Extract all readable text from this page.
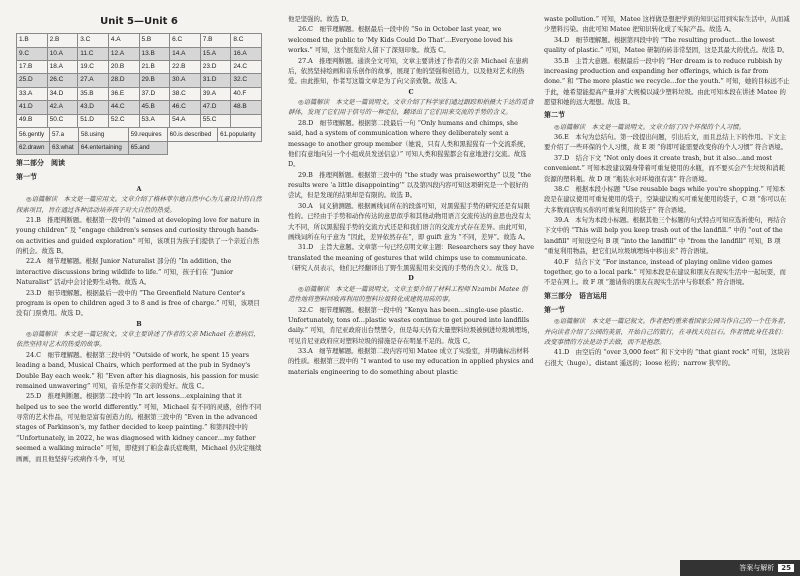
Unit 5—Unit 6
1.B	2.B	3.C	4.A	5.B	6.C	7.B	8.C
9.C	10.A	11.C	12.A	13.B	14.A	15.A	16.A
17.B	18.A	19.C	20.B	21.B	22.B	23.D	24.C
25.D	26.C	27.A	28.D	29.B	30.A	31.D	32.C
33.A	34.D	35.B	36.E	37.D	38.C	39.A	40.F
41.D	42.A	43.D	44.C	45.B	46.C	47.D	48.B
49.B	50.C	51.D	52.C	53.A	54.A	55.C	
56.gently	57.a	58.using	59.requires	60.is described	61.popularity
62.drawn	63.what	64.entertaining	65.and		
第二部分　阅读
第一节
A

◎语篇解读　本文是一篇应用文。文章介绍了格林菲尔德自然中心为儿童设计的自然探索项目，旨在通过各种活动培养孩子对大自然的热爱。

21.B　推理判断题。根据第一段中的 “aimed at developing love for nature in young children” 及 “engage children's senses and curiosity through hands-on activities and guided exploration” 可知，该项目为孩子们提供了一个亲近自然的机会。故选 B。

22.A　细节理解题。根据 Junior Naturalist 部分的 “In addition, the interactive discussions bring wildlife to life.” 可知，孩子们在 “Junior Naturalist” 活动中会讨论野生动物。故选 A。

23.D　细节理解题。根据最后一段中的 “The Greenfield Nature Center's program is open to children aged 3 to 8 and is free of charge.” 可知，该项目没有门票费用。故选 D。

B

◎语篇解读　本文是一篇记叙文。文章主要讲述了作者的父亲 Michael 在患病后，依然坚持对艺术的热爱的故事。

24.C　细节理解题。根据第三段中的 “Outside of work, he spent 15 years leading a band, Musical Chairs, which performed at the pub in Sydney's Double Bay each week.” 和 “Even after his diagnosis, his passion for music remained unwavering” 可知，音乐是作者父亲的爱好。故选 C。

25.D　推理判断题。根据第二段中的 “In art lessons…explaining that it helped us to see the world differently.” 可知，Michael 有不同的灵感，创作不同寻常的艺术作品，可见他是富有创造力的。根据第三段中的 “Even in the advanced stages of Parkinson's, my father decided to keep painting.” 和第四段中的 “Unfortunately, in 2022, he was diagnosed with kidney cancer…my father seemed a walking miracle” 可知，即使到了帕金森氏症晚期，Michael 仍决定继续画画，而且他坚持与疾病作斗争，可见

他是坚强的。故选 D。

26.C　细节理解题。根据最后一段中的 “So in October last year, we welcomed the public to ‘My Kids Could Do That’…Everyone loved his works.” 可知，这个展览给人留下了深刻印象。故选 C。

27.A　推理判断题。通读全文可知，文章主要讲述了作者的父亲 Michael 在患病后，依然坚持绘画和音乐创作的故事，展现了他的坚强和创造力，以及他对艺术的热爱。由此推知，作者写这篇文章是为了向父亲致敬。故选 A。

C

◎语篇解读　本文是一篇说明文。文章介绍了科学家们通过跟踪和拍摄大千达的觅食群体，发现了它们用于信号的一种定位，翻译出了它们用来交流的手势的含义。

28.D　细节理解题。根据第二段最后一句 “Only humans and chimps, she said, had a system of communication where they deliberately sent a message to another group member（她说，只有人类和黑猩猩有一个交流系统，他们有意地向另一个小组成员发送信息）” 可知人类和猩猩都会有意地进行交流。故选 D。

29.B　推理判断题。根据第三段中的 “the study was praiseworthy” 以及 “the results were ‘a little disappointing’” 以及第四段内容可知这项研究是一个很好的尝试，但是发现的结果却是有限的。故选 B。

30.A　词义猜测题。根据画线词所在的段落可知，对黑猩猩手势的研究还是有局限性的。已经由于手势和动作传达的意思似乎和其他动物用语言交流传达的意思也没有太大不同，所以黑猩猩手势的交流方式还是和我们语言的交流方式存在差异。由此可知，画线词所在句子意为 “因此，差异依然存在”，即 guift 意为 “不同，差异”。故选 A。

31.D　主旨大意题。文章第一句已经点明文章主题：Researchers say they have translated the meaning of gestures that wild chimps use to communicate.（研究人员表示，他们已经翻译出了野生黑猩猩用来交流的手势的含义）。故选 D。

D

◎语篇解读　本文是一篇说明文。文章主要介绍了材料工程师 Nzambi Matee 创造性地将塑料回收再利用的塑料垃圾转化成建筑用砖的事。

32.C　细节理解题。根据第一段中的 “Kenya has been…single-use plastic. Unfortunately, tons of…plastic wastes continue to get poured into landfills daily.” 可知，肯尼亚政府出台禁塑令，但是每天仍有大量塑料垃圾被倒进垃圾填埋场，可见肯尼亚政府应对塑料垃圾的措施是存在明显不足的。故选 C。

33.A　细节理解题。根据第二段内容可知 Matee 成立了实验室，并明确标出材料的性质。根据第三段中的 “I wanted to use my education in applied physics and materials engineering to do something about plastic

waste pollution.” 可知，Matee 这样做是想把学到的知识运用到实际生活中，从而减少塑料污染。由此可知 Matee 把知识转化成了实际产品。故选 A。

34.D　细节理解题。根据第四段中的 “The resulting product…the lowest quality of plastic.” 可知，Matee 研制的砖非常坚固，这是其最大的优点。故选 D。

35.B　主旨大意题。根据最后一段中的 “Her dream is to reduce rubbish by increasing production and expanding her offerings, which is far from done.” 和 “The more plastic we recycle…for the youth.” 可知，她的目标远不止于此，她希望能提高产量并扩大规模以减少塑料垃圾。由此可知本段在讲述 Matee 的愿望和她的远大理想。故选 B。

第二节

◎语篇解读　本文是一篇说明文。文章介绍了四个环保的个人习惯。

36.E　本句为总结句。第一段提出问题，引出后文，而且总结上下的作用。下文主要介绍了一些环保的个人习惯，故 E 项 “你即可能需要改变你的个人习惯” 符合语境。

37.D　结合下文 “Not only does it create trash, but it also…and most convenient.” 可知本段建议隔身带着可重复使用的水瓶，而不要买会产生垃圾和消耗资源的塑料瓶。故 D 项 “瓶装水对环境很有害” 符合语境。

38.C　根据本段小标题 “Use reusable bags while you're shopping.” 可知本段是在建议使用可重复使用的袋子，空缺建议购买可重复使用的袋子，C 项 “你可以在大多数商店购买你的可重复利用的袋子” 符合语境。

39.A　本句为本段小标题。根据其他三个标题的句式特点可知应选祈使句，再结合下文中的 “This will help you keep trash out of the landfill.” 中的 “out of the landfill” 可知设空句 B 项 “into the landfill” 中 “from the landfill” 可知，B 项 “重复利用物品，把它们从垃圾填埋场中移出来” 符合语境。

40.F　结合下文 “For instance, instead of playing online video games together, go to a local park.” 可知本段是在建议和朋友在现实生活中一起玩耍，而不是在网上。故 F 项 “邀请你的朋友在现实生活中与你联系” 符合语境。

第三部分　语言运用
第一节

◎语篇解读　本文是一篇记叙文。作者把约重来看国家公园当作自己的一个任务者，并向读者介绍了公园的美景，开始自己的旅行，在寻找天坑巨石。作者情此身任我们：改变事情的方法是动手去做，而不是抱怨。

41.D　由空后的 “over 3,000 feet” 和下文中的 “that giant rock” 可知，这块岩石很大（huge）。distant 遥远的；loose 松的；narrow 狭窄的。

答案与解析	25
